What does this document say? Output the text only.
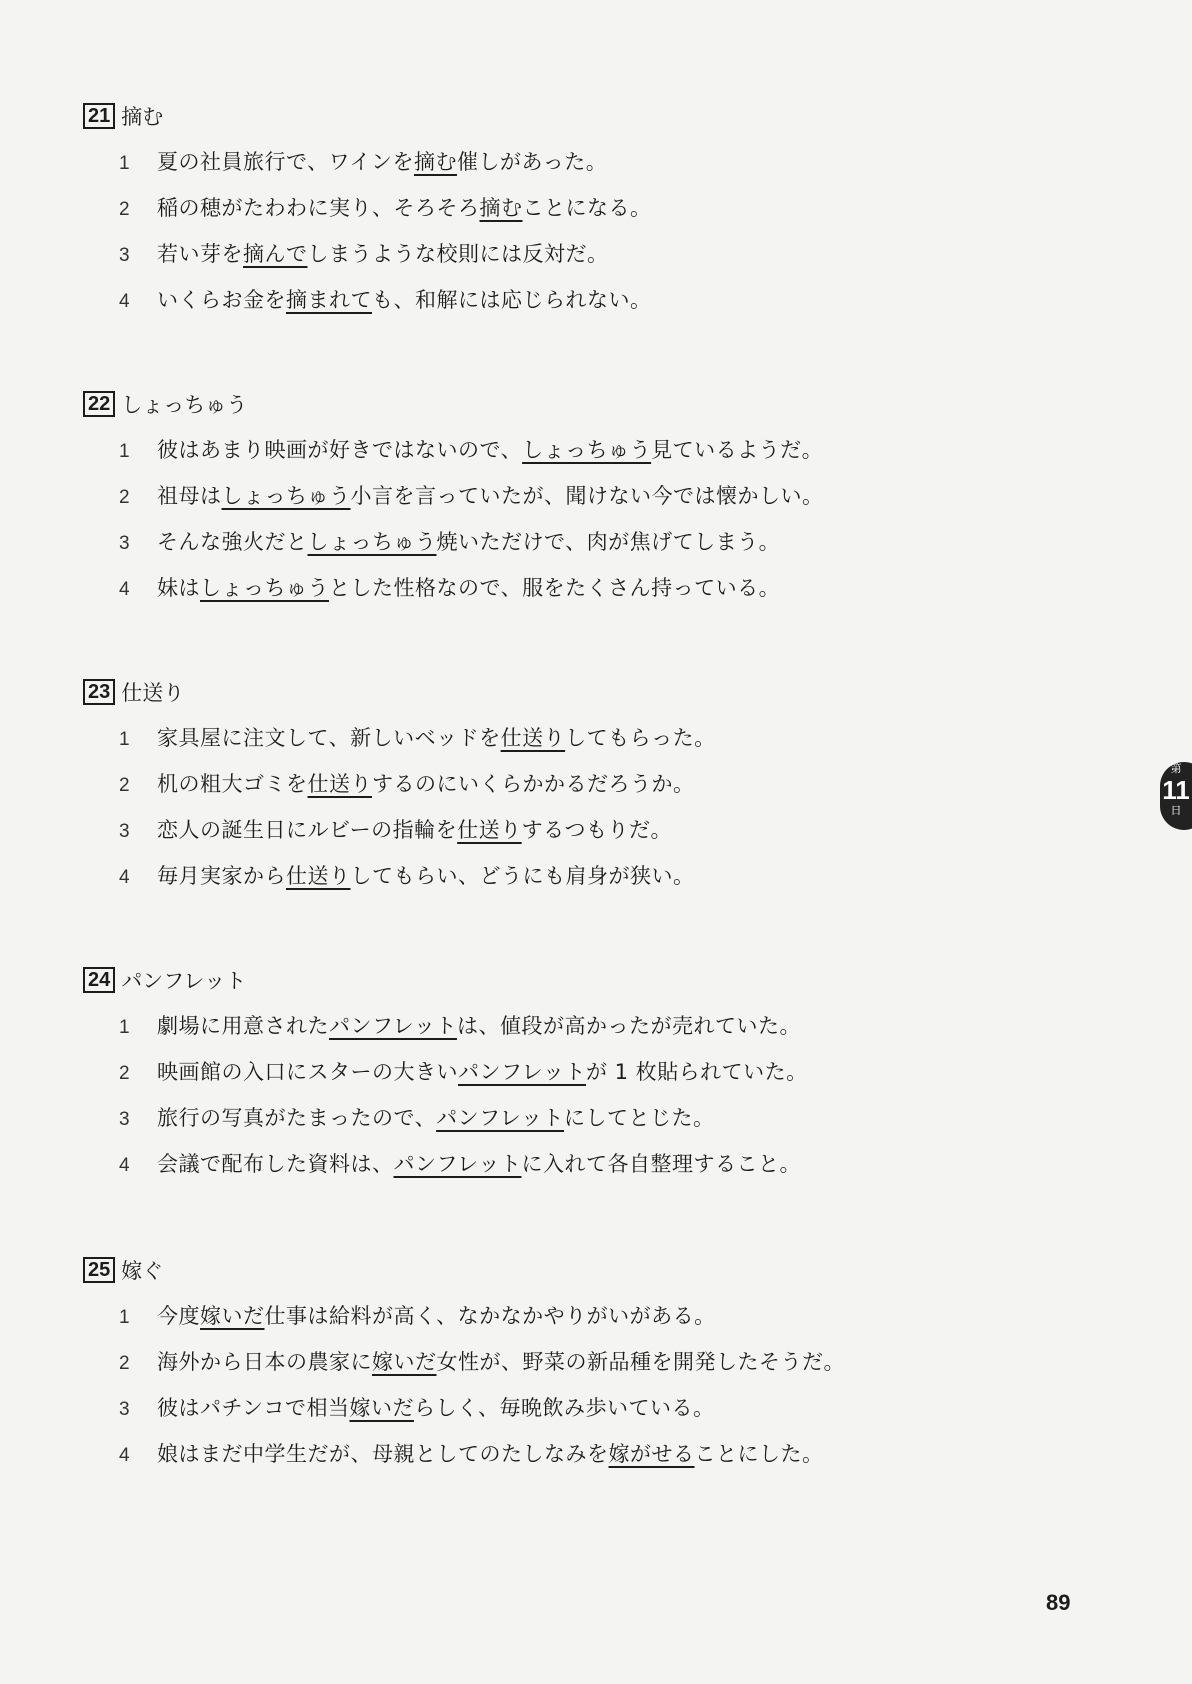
21 摘む
1	夏の社員旅行で、ワインを 摘む 催しがあった。
2	稲の穂がたわわに実り、そろそろ 摘む ことになる。
3	若い芽を 摘んで しまうような校則には反対だ。
4	いくらお金を 摘まれて も、和解には応じられない。
22 しょっちゅう
1	彼はあまり映画が好きではないので、 しょっちゅう 見ているようだ。
2	祖母は しょっちゅう 小言を言っていたが、聞けない今では懐かしい。
3	そんな強火だと しょっちゅう 焼いただけで、肉が焦げてしまう。
4	妹は しょっちゅう とした性格なので、服をたくさん持っている。
23 仕送り
1	家具屋に注文して、新しいベッドを 仕送り してもらった。
2	机の粗大ゴミを 仕送り するのにいくらかかるだろうか。
3	恋人の誕生日にルビーの指輪を 仕送り するつもりだ。
4	毎月実家から 仕送り してもらい、どうにも肩身が狭い。
24 パンフレット
1	劇場に用意された パンフレット は、値段が高かったが売れていた。
2	映画館の入口にスターの大きい パンフレット が 1 枚貼られていた。
3	旅行の写真がたまったので、 パンフレット にしてとじた。
4	会議で配布した資料は、 パンフレット に入れて各自整理すること。
25 嫁ぐ
1	今度 嫁いだ 仕事は給料が高く、なかなかやりがいがある。
2	海外から日本の農家に 嫁いだ 女性が、野菜の新品種を開発したそうだ。
3	彼はパチンコで相当 嫁いだ らしく、毎晩飲み歩いている。
4	娘はまだ中学生だが、母親としてのたしなみを 嫁がせる ことにした。
第
11
日
89
